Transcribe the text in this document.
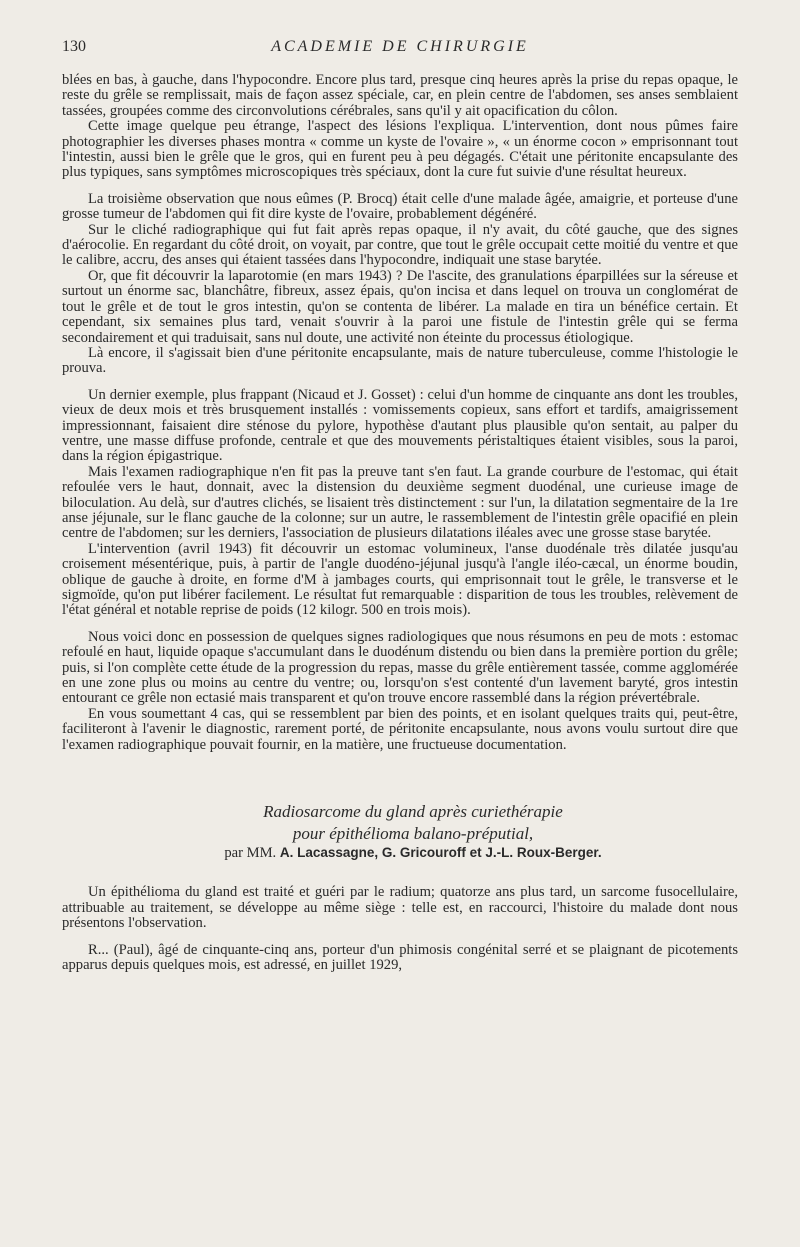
130	ACADEMIE DE CHIRURGIE

blées en bas, à gauche, dans l'hypocondre. Encore plus tard, presque cinq heures après la prise du repas opaque, le reste du grêle se remplissait, mais de façon assez spéciale, car, en plein centre de l'abdomen, ses anses semblaient tassées, groupées comme des circonvolutions cérébrales, sans qu'il y ait opacification du côlon.

Cette image quelque peu étrange, l'aspect des lésions l'expliqua. L'intervention, dont nous pûmes faire photographier les diverses phases montra « comme un kyste de l'ovaire », « un énorme cocon » emprisonnant tout l'intestin, aussi bien le grêle que le gros, qui en furent peu à peu dégagés. C'était une péritonite encapsulante des plus typiques, sans symptômes microscopiques très spéciaux, dont la cure fut suivie d'une résultat heureux.

La troisième observation que nous eûmes (P. Brocq) était celle d'une malade âgée, amaigrie, et porteuse d'une grosse tumeur de l'abdomen qui fit dire kyste de l'ovaire, probablement dégénéré.

Sur le cliché radiographique qui fut fait après repas opaque, il n'y avait, du côté gauche, que des signes d'aérocolie. En regardant du côté droit, on voyait, par contre, que tout le grêle occupait cette moitié du ventre et que le calibre, accru, des anses qui étaient tassées dans l'hypocondre, indiquait une stase barytée.

Or, que fit découvrir la laparotomie (en mars 1943) ? De l'ascite, des granulations éparpillées sur la séreuse et surtout un énorme sac, blanchâtre, fibreux, assez épais, qu'on incisa et dans lequel on trouva un conglomérat de tout le grêle et de tout le gros intestin, qu'on se contenta de libérer. La malade en tira un bénéfice certain. Et cependant, six semaines plus tard, venait s'ouvrir à la paroi une fistule de l'intestin grêle qui se ferma secondairement et qui traduisait, sans nul doute, une activité non éteinte du processus étiologique.

Là encore, il s'agissait bien d'une péritonite encapsulante, mais de nature tuberculeuse, comme l'histologie le prouva.

Un dernier exemple, plus frappant (Nicaud et J. Gosset) : celui d'un homme de cinquante ans dont les troubles, vieux de deux mois et très brusquement installés : vomissements copieux, sans effort et tardifs, amaigrissement impressionnant, faisaient dire sténose du pylore, hypothèse d'autant plus plausible qu'on sentait, au palper du ventre, une masse diffuse profonde, centrale et que des mouvements péristaltiques étaient visibles, sous la paroi, dans la région épigastrique.

Mais l'examen radiographique n'en fit pas la preuve tant s'en faut. La grande courbure de l'estomac, qui était refoulée vers le haut, donnait, avec la distension du deuxième segment duodénal, une curieuse image de biloculation. Au delà, sur d'autres clichés, se lisaient très distinctement : sur l'un, la dilatation segmentaire de la 1re anse jéjunale, sur le flanc gauche de la colonne; sur un autre, le rassemblement de l'intestin grêle opacifié en plein centre de l'abdomen; sur les derniers, l'association de plusieurs dilatations iléales avec une grosse stase barytée.

L'intervention (avril 1943) fit découvrir un estomac volumineux, l'anse duodénale très dilatée jusqu'au croisement mésentérique, puis, à partir de l'angle duodéno-jéjunal jusqu'à l'angle iléo-cæcal, un énorme boudin, oblique de gauche à droite, en forme d'M à jambages courts, qui emprisonnait tout le grêle, le transverse et le sigmoïde, qu'on put libérer facilement. Le résultat fut remarquable : disparition de tous les troubles, relèvement de l'état général et notable reprise de poids (12 kilogr. 500 en trois mois).

Nous voici donc en possession de quelques signes radiologiques que nous résumons en peu de mots : estomac refoulé en haut, liquide opaque s'accumulant dans le duodénum distendu ou bien dans la première portion du grêle; puis, si l'on complète cette étude de la progression du repas, masse du grêle entièrement tassée, comme agglomérée en une zone plus ou moins au centre du ventre; ou, lorsqu'on s'est contenté d'un lavement baryté, gros intestin entourant ce grêle non ectasié mais transparent et qu'on trouve encore rassemblé dans la région prévertébrale.

En vous soumettant 4 cas, qui se ressemblent par bien des points, et en isolant quelques traits qui, peut-être, faciliteront à l'avenir le diagnostic, rarement porté, de péritonite encapsulante, nous avons voulu surtout dire que l'examen radiographique pouvait fournir, en la matière, une fructueuse documentation.

Radiosarcome du gland après curiethérapie

pour épithélioma balano-préputial,

par MM. A. Lacassagne, G. Gricouroff et J.-L. Roux-Berger.

Un épithélioma du gland est traité et guéri par le radium; quatorze ans plus tard, un sarcome fusocellulaire, attribuable au traitement, se développe au même siège : telle est, en raccourci, l'histoire du malade dont nous présentons l'observation.

R... (Paul), âgé de cinquante-cinq ans, porteur d'un phimosis congénital serré et se plaignant de picotements apparus depuis quelques mois, est adressé, en juillet 1929,
